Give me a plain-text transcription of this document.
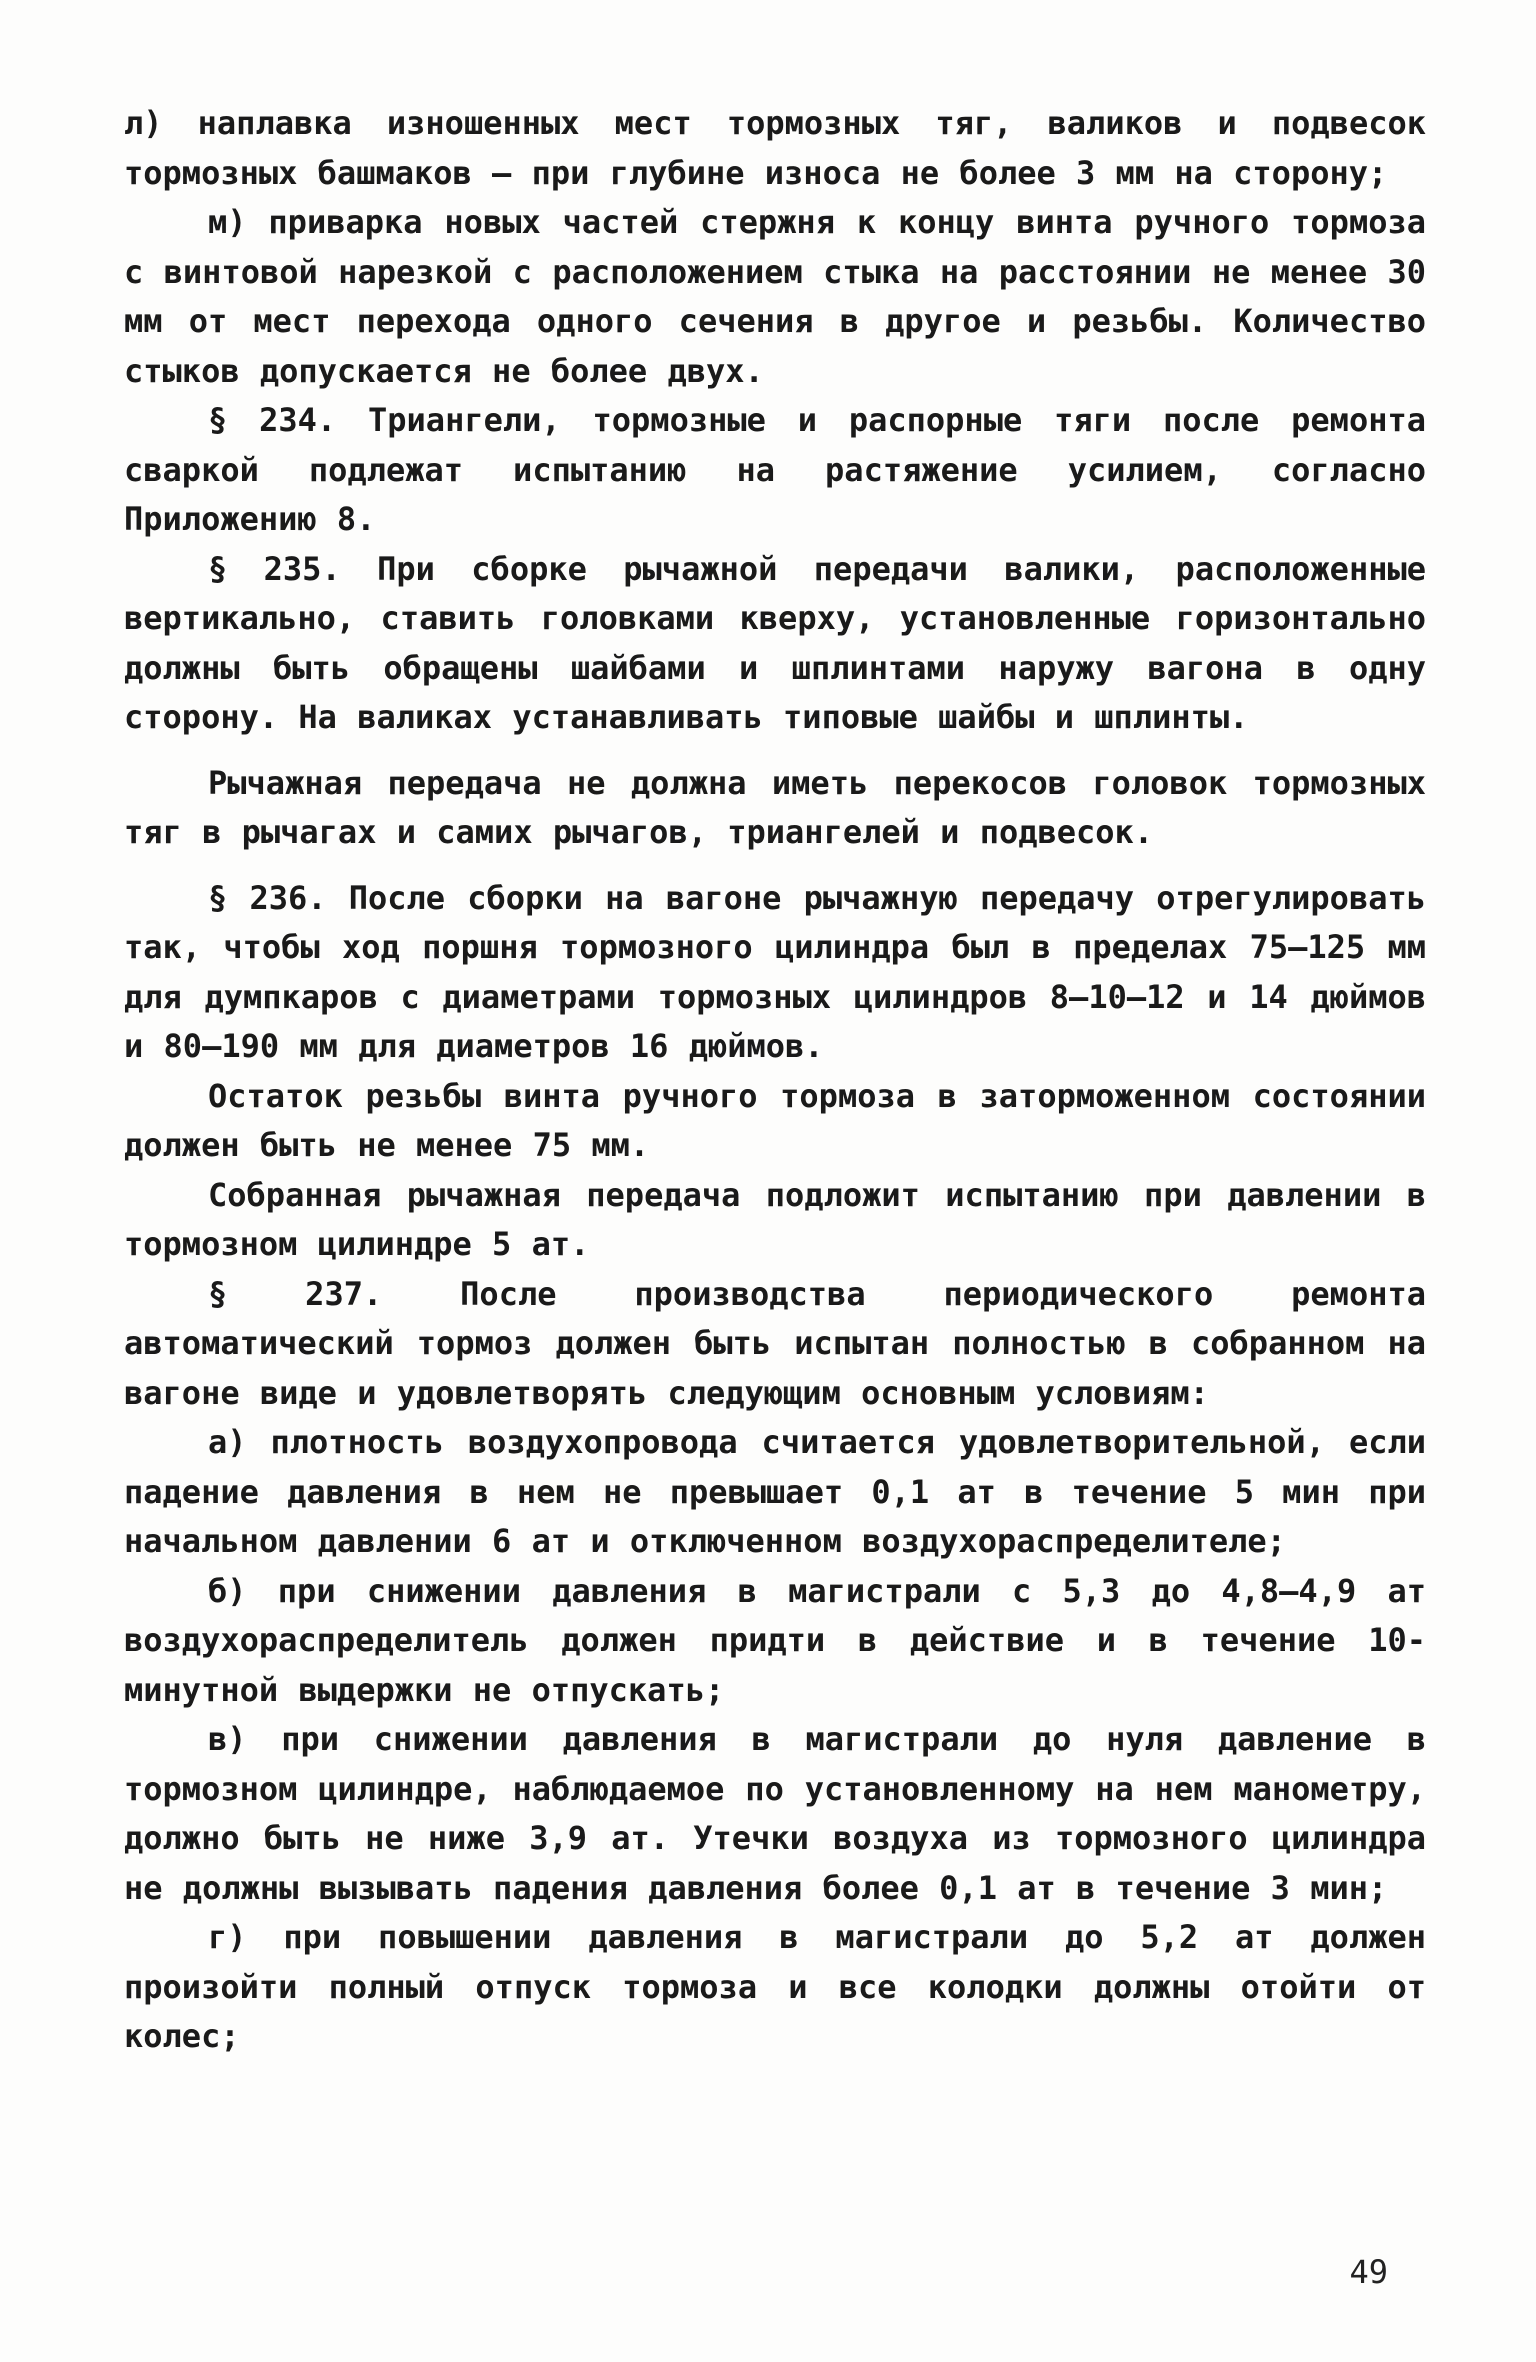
л) наплавка изношенных мест тормозных тяг, валиков и подвесок тормозных башмаков – при глубине износа не более 3 мм на сторону;

м) приварка новых частей стержня к концу винта ручного тормоза с винтовой нарезкой с расположением стыка на расстоянии не менее 30 мм от мест перехода одного сечения в другое и резьбы. Количество стыков допускается не более двух.

§ 234. Триангели, тормозные и распорные тяги после ремонта сваркой подлежат испытанию на растяжение усилием, согласно Приложению 8.

§ 235. При сборке рычажной передачи валики, расположенные вертикально, ставить головками кверху, установленные горизонтально должны быть обращены шайбами и шплинтами наружу вагона в одну сторону. На валиках устанавливать типовые шайбы и шплинты.

Рычажная передача не должна иметь перекосов головок тормозных тяг в рычагах и самих рычагов, триангелей и подвесок.

§ 236. После сборки на вагоне рычажную передачу отрегулировать так, чтобы ход поршня тормозного цилиндра был в пределах 75–125 мм для думпкаров с диаметрами тормозных цилиндров 8–10–12 и 14 дюймов и 80–190 мм для диаметров 16 дюймов.

Остаток резьбы винта ручного тормоза в заторможенном состоянии должен быть не менее 75 мм.

Собранная рычажная передача подложит испытанию при давлении в тормозном цилиндре 5 ат.

§ 237. После производства периодического ремонта автоматический тормоз должен быть испытан полностью в собранном на вагоне виде и удовлетворять следующим основным условиям:

а) плотность воздухопровода считается удовлетворительной, если падение давления в нем не превышает 0,1 ат в течение 5 мин при начальном давлении 6 ат и отключенном воздухораспределителе;

б) при снижении давления в магистрали с 5,3 до 4,8–4,9 ат воздухораспределитель должен придти в действие и в течение 10-минутной выдержки не отпускать;

в) при снижении давления в магистрали до нуля давление в тормозном цилиндре, наблюдаемое по установленному на нем манометру, должно быть не ниже 3,9 ат. Утечки воздуха из тормозного цилиндра не должны вызывать падения давления более 0,1 ат в течение 3 мин;

г) при повышении давления в магистрали до 5,2 ат должен произойти полный отпуск тормоза и все колодки должны отойти от колес;

49
